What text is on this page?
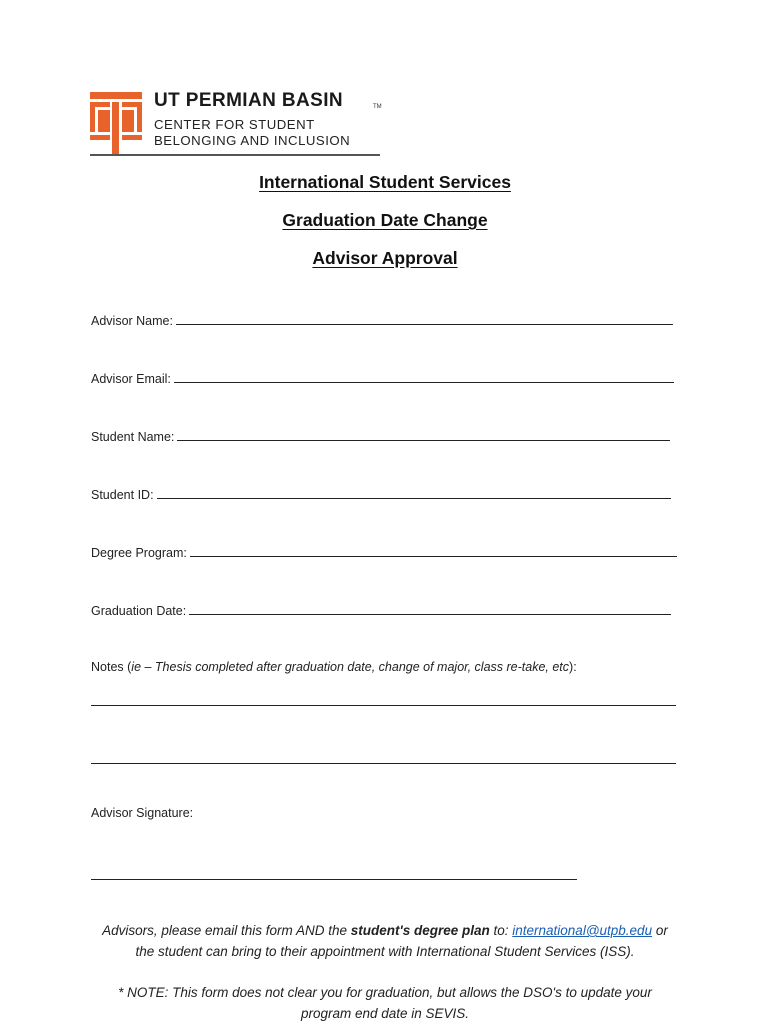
UT PERMIAN BASIN	TM
CENTER FOR STUDENT
BELONGING AND INCLUSION
International Student Services
Graduation Date Change
Advisor Approval
Advisor Name:
Advisor Email:
Student Name:
Student ID:
Degree Program:
Graduation Date:
Notes (ie – Thesis completed after graduation date, change of major, class re-take, etc):
Advisor Signature:
Advisors, please email this form AND the student's degree plan to: international@utpb.edu or
the student can bring to their appointment with International Student Services (ISS).
* NOTE: This form does not clear you for graduation, but allows the DSO's to update your
program end date in SEVIS.
